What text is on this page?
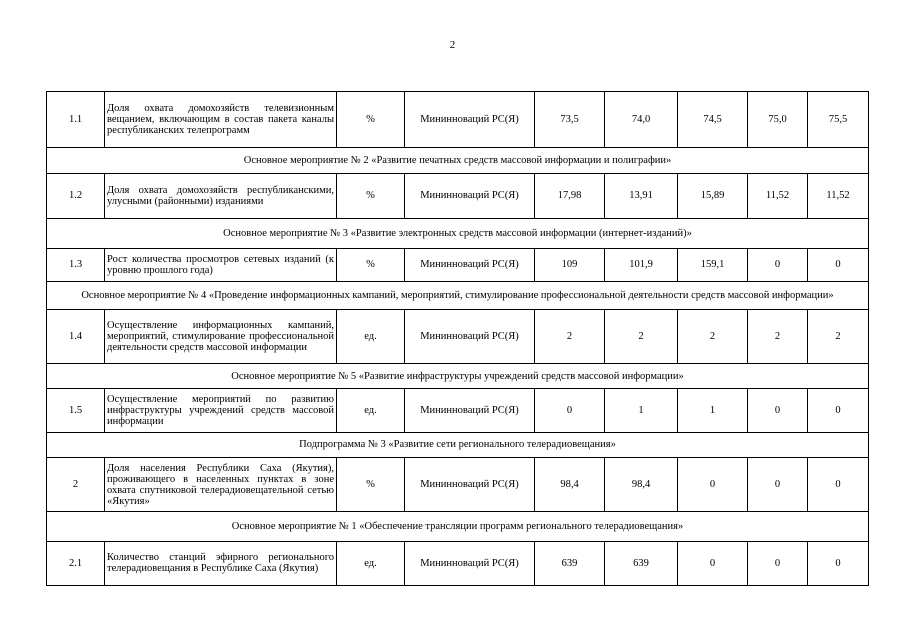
2
1.1	Доля охвата домохозяйств телевизионным вещанием, включающим в состав пакета каналы республиканских телепрограмм	%	Мининноваций РС(Я)	73,5	74,0	74,5	75,0	75,5
Основное мероприятие № 2 «Развитие печатных средств массовой информации и полиграфии»								
1.2	Доля охвата домохозяйств республиканскими, улусными (районными) изданиями	%	Мининноваций РС(Я)	17,98	13,91	15,89	11,52	11,52
Основное мероприятие № 3 «Развитие электронных средств массовой информации (интернет-изданий)»								
1.3	Рост количества просмотров сетевых изданий (к уровню прошлого года)	%	Мининноваций РС(Я)	109	101,9	159,1	0	0
Основное мероприятие № 4 «Проведение информационных кампаний, мероприятий, стимулирование профессиональной деятельности средств массовой информации»								
1.4	Осуществление информационных кампаний, мероприятий, стимулирование профессиональной деятельности средств массовой информации	ед.	Мининноваций РС(Я)	2	2	2	2	2
Основное мероприятие № 5 «Развитие инфраструктуры учреждений средств массовой информации»								
1.5	Осуществление мероприятий по развитию инфраструктуры учреждений средств массовой информации	ед.	Мининноваций РС(Я)	0	1	1	0	0
Подпрограмма № 3 «Развитие сети регионального телерадиовещания»								
2	Доля населения Республики Саха (Якутия), проживающего в населенных пунктах в зоне охвата спутниковой телерадиовещательной сетью «Якутия»	%	Мининноваций РС(Я)	98,4	98,4	0	0	0
Основное мероприятие № 1 «Обеспечение трансляции программ регионального телерадиовещания»								
2.1	Количество станций эфирного регионального телерадиовещания в Республике Саха (Якутия)	ед.	Мининноваций РС(Я)	639	639	0	0	0
